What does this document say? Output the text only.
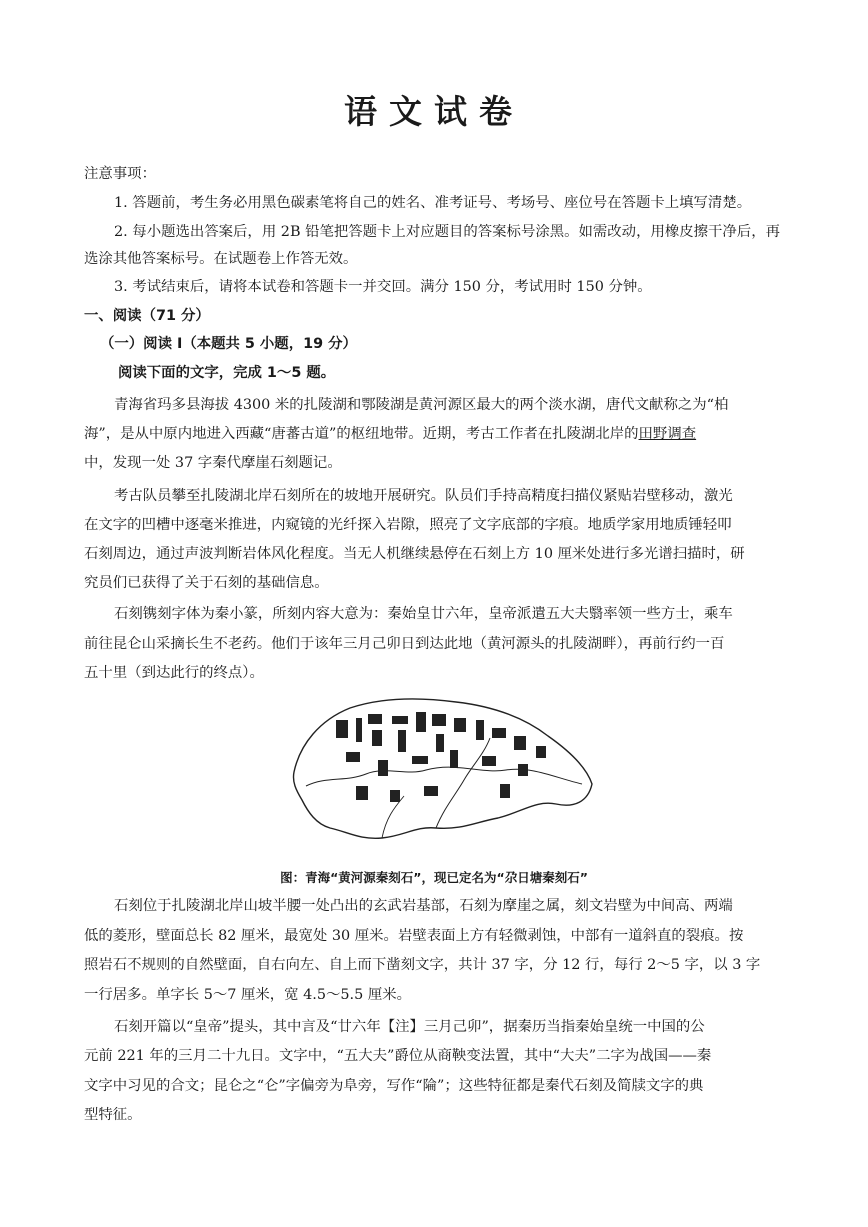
语文试卷
注意事项：
1. 答题前，考生务必用黑色碳素笔将自己的姓名、准考证号、考场号、座位号在答题卡上填写清楚。
2. 每小题选出答案后，用 2B 铅笔把答题卡上对应题目的答案标号涂黑。如需改动，用橡皮擦干净后，再
选涂其他答案标号。在试题卷上作答无效。
3. 考试结束后，请将本试卷和答题卡一并交回。满分 150 分，考试用时 150 分钟。
一、阅读（71 分）
（一）阅读 I（本题共 5 小题，19 分）
阅读下面的文字，完成 1～5 题。
青海省玛多县海拔 4300 米的扎陵湖和鄂陵湖是黄河源区最大的两个淡水湖，唐代文献称之为“柏
海”，是从中原内地进入西藏“唐蕃古道”的枢纽地带。近期，考古工作者在扎陵湖北岸的田野调查
中，发现一处 37 字秦代摩崖石刻题记。
考古队员攀至扎陵湖北岸石刻所在的坡地开展研究。队员们手持高精度扫描仪紧贴岩壁移动，激光
在文字的凹槽中逐毫米推进，内窥镜的光纤探入岩隙，照亮了文字底部的字痕。地质学家用地质锤轻叩
石刻周边，通过声波判断岩体风化程度。当无人机继续悬停在石刻上方 10 厘米处进行多光谱扫描时，研
究员们已获得了关于石刻的基础信息。
石刻镌刻字体为秦小篆，所刻内容大意为：秦始皇廿六年，皇帝派遣五大夫翳率领一些方士，乘车
前往昆仑山采摘长生不老药。他们于该年三月己卯日到达此地（黄河源头的扎陵湖畔），再前行约一百
五十里（到达此行的终点）。
图：青海“黄河源秦刻石”，现已定名为“尕日塘秦刻石”
石刻位于扎陵湖北岸山坡半腰一处凸出的玄武岩基部，石刻为摩崖之属，刻文岩壁为中间高、两端
低的菱形，壁面总长 82 厘米，最宽处 30 厘米。岩壁表面上方有轻微剥蚀，中部有一道斜直的裂痕。按
照岩石不规则的自然壁面，自右向左、自上而下凿刻文字，共计 37 字，分 12 行，每行 2～5 字，以 3 字
一行居多。单字长 5～7 厘米，宽 4.5～5.5 厘米。
石刻开篇以“皇帝”提头，其中言及“廿六年【注】三月己卯”，据秦历当指秦始皇统一中国的公
元前 221 年的三月二十九日。文字中，“五大夫”爵位从商鞅变法置，其中“大夫”二字为战国——秦
文字中习见的合文；昆仑之“仑”字偏旁为阜旁，写作“陯”；这些特征都是秦代石刻及简牍文字的典
型特征。
